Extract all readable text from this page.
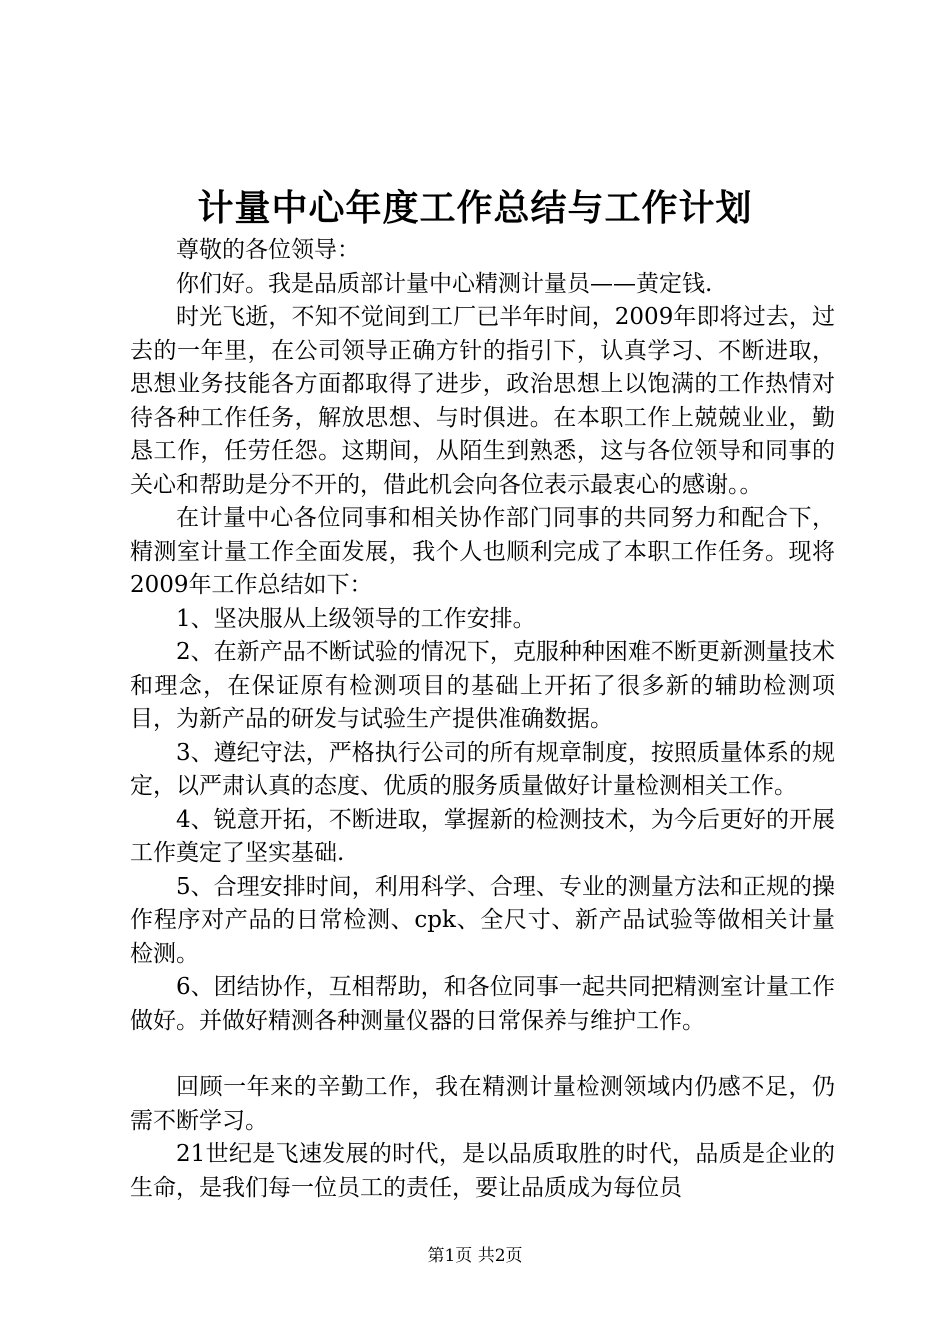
计量中心年度工作总结与工作计划

尊敬的各位领导：

你们好。我是品质部计量中心精测计量员——黄定钱.

时光飞逝，不知不觉间到工厂已半年时间，2009年即将过去，过去的一年里，在公司领导正确方针的指引下，认真学习、不断进取，思想业务技能各方面都取得了进步，政治思想上以饱满的工作热情对待各种工作任务，解放思想、与时俱进。在本职工作上兢兢业业，勤恳工作，任劳任怨。这期间，从陌生到熟悉，这与各位领导和同事的关心和帮助是分不开的，借此机会向各位表示最衷心的感谢。。

在计量中心各位同事和相关协作部门同事的共同努力和配合下，精测室计量工作全面发展，我个人也顺利完成了本职工作任务。现将2009年工作总结如下：

1、坚决服从上级领导的工作安排。

2、在新产品不断试验的情况下，克服种种困难不断更新测量技术和理念，在保证原有检测项目的基础上开拓了很多新的辅助检测项目，为新产品的研发与试验生产提供准确数据。

3、遵纪守法，严格执行公司的所有规章制度，按照质量体系的规定，以严肃认真的态度、优质的服务质量做好计量检测相关工作。

4、锐意开拓，不断进取，掌握新的检测技术，为今后更好的开展工作奠定了坚实基础.

5、合理安排时间，利用科学、合理、专业的测量方法和正规的操作程序对产品的日常检测、cpk、全尺寸、新产品试验等做相关计量检测。

6、团结协作，互相帮助，和各位同事一起共同把精测室计量工作做好。并做好精测各种测量仪器的日常保养与维护工作。

回顾一年来的辛勤工作，我在精测计量检测领域内仍感不足，仍需不断学习。

21世纪是飞速发展的时代，是以品质取胜的时代，品质是企业的生命，是我们每一位员工的责任，要让品质成为每位员

第1页 共2页
